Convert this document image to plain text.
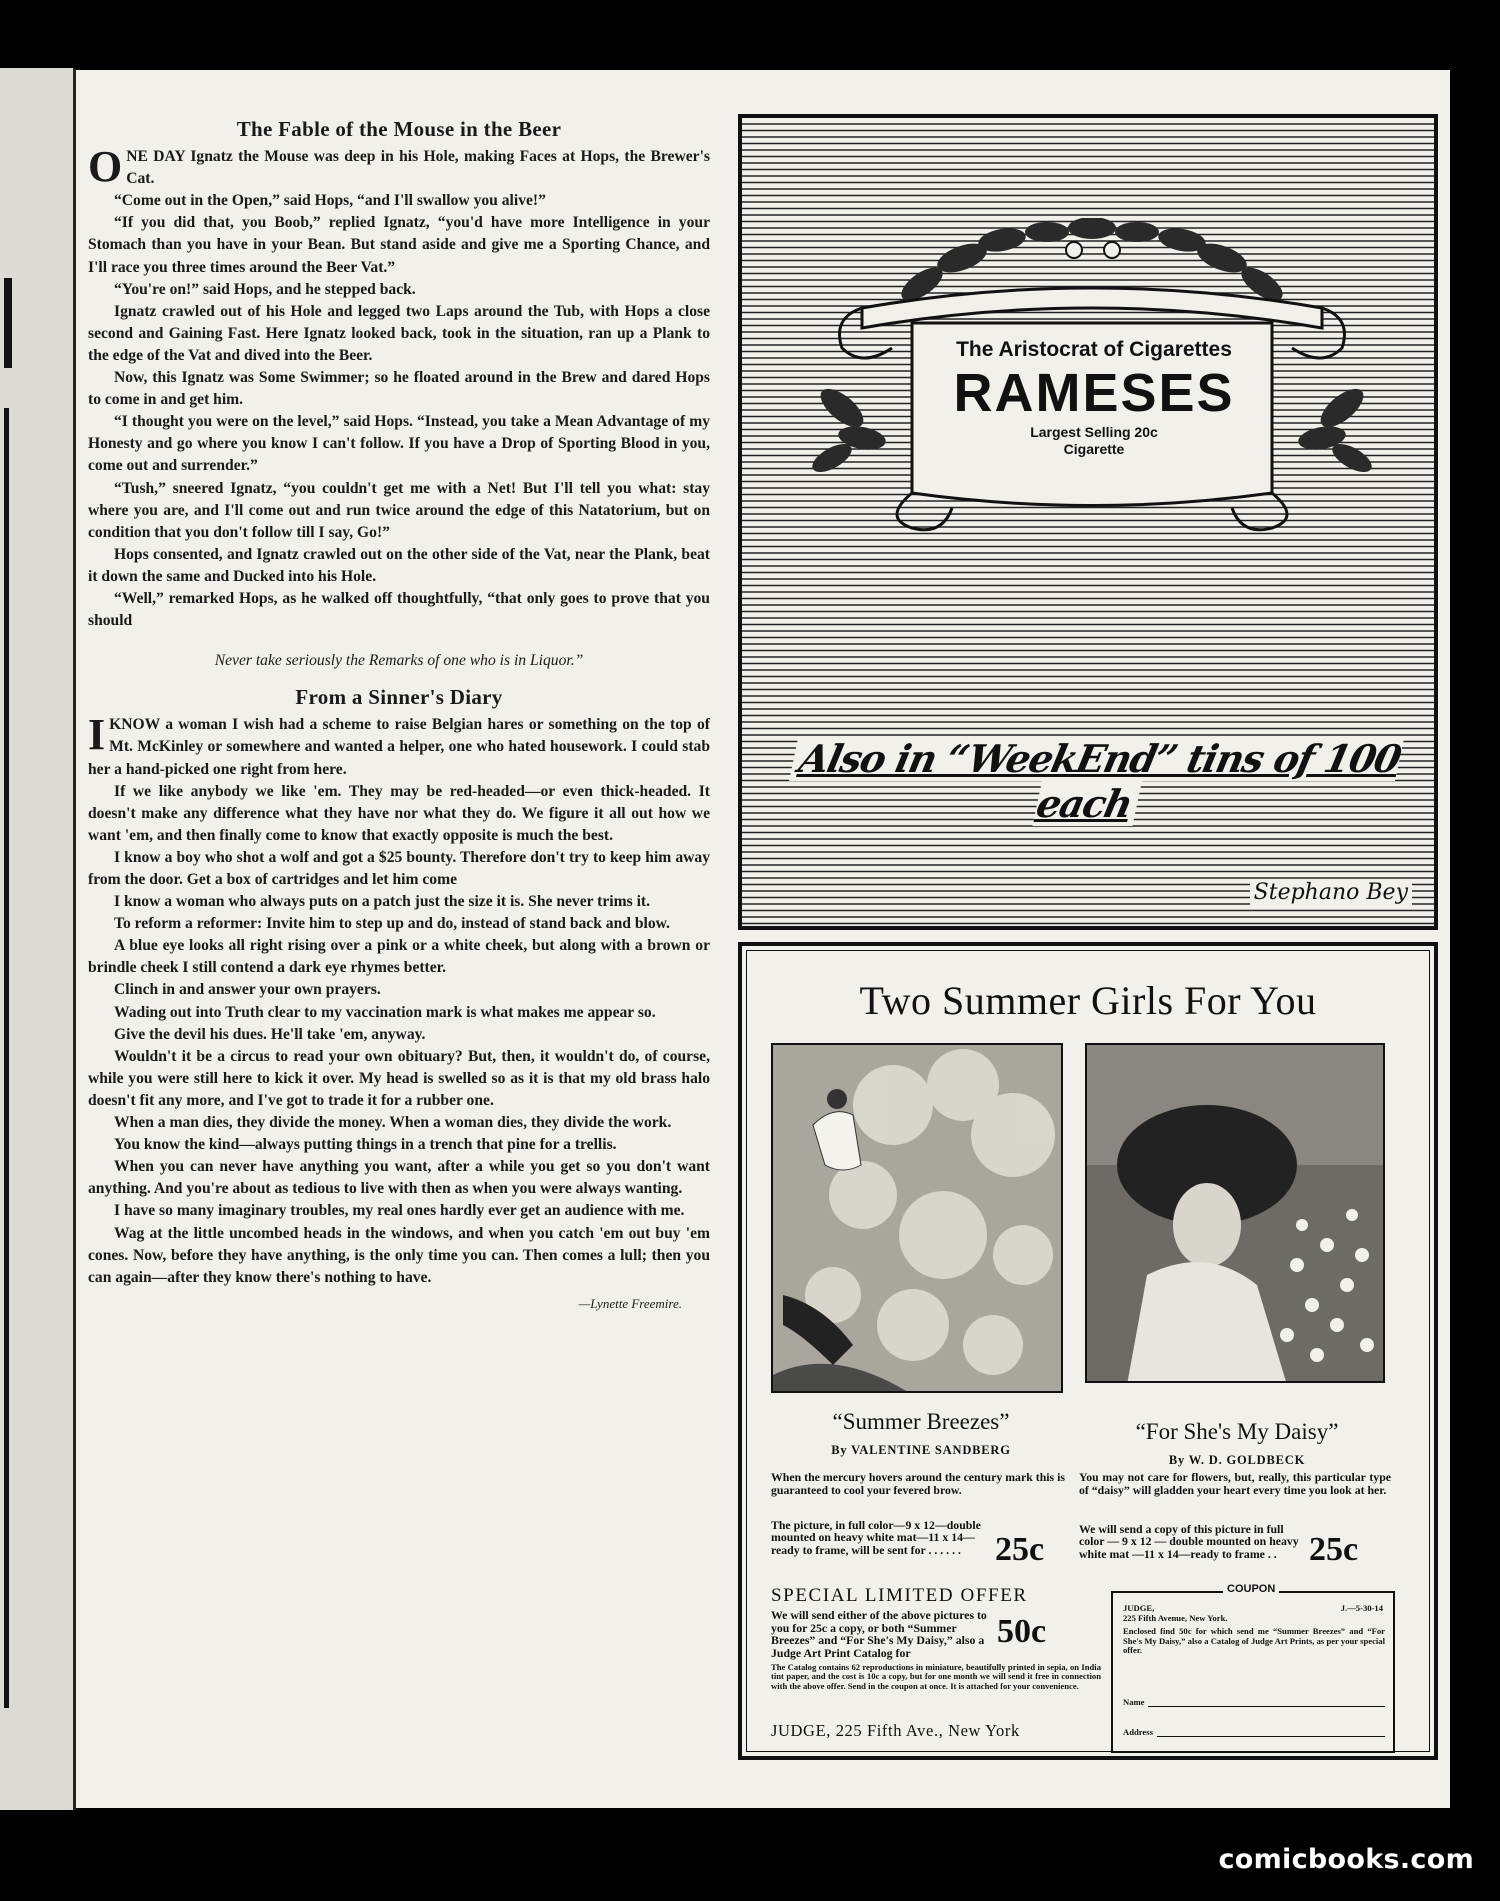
The Fable of the Mouse in the Beer

ONE DAY Ignatz the Mouse was deep in his Hole, making Faces at Hops, the Brewer's Cat.

“Come out in the Open,” said Hops, “and I'll swallow you alive!”

“If you did that, you Boob,” replied Ignatz, “you'd have more Intelligence in your Stomach than you have in your Bean. But stand aside and give me a Sporting Chance, and I'll race you three times around the Beer Vat.”

“You're on!” said Hops, and he stepped back.

Ignatz crawled out of his Hole and legged two Laps around the Tub, with Hops a close second and Gaining Fast. Here Ignatz looked back, took in the situation, ran up a Plank to the edge of the Vat and dived into the Beer.

Now, this Ignatz was Some Swimmer; so he floated around in the Brew and dared Hops to come in and get him.

“I thought you were on the level,” said Hops. “Instead, you take a Mean Advantage of my Honesty and go where you know I can't follow. If you have a Drop of Sporting Blood in you, come out and surrender.”

“Tush,” sneered Ignatz, “you couldn't get me with a Net! But I'll tell you what: stay where you are, and I'll come out and run twice around the edge of this Natatorium, but on condition that you don't follow till I say, Go!”

Hops consented, and Ignatz crawled out on the other side of the Vat, near the Plank, beat it down the same and Ducked into his Hole.

“Well,” remarked Hops, as he walked off thoughtfully, “that only goes to prove that you should

Never take seriously the Remarks of one who is in Liquor.”
From a Sinner's Diary

IKNOW a woman I wish had a scheme to raise Belgian hares or something on the top of Mt. McKinley or somewhere and wanted a helper, one who hated housework. I could stab her a hand-picked one right from here.

If we like anybody we like 'em. They may be red-headed—or even thick-headed. It doesn't make any difference what they have nor what they do. We figure it all out how we want 'em, and then finally come to know that exactly opposite is much the best.

I know a boy who shot a wolf and got a $25 bounty. Therefore don't try to keep him away from the door. Get a box of cartridges and let him come

I know a woman who always puts on a patch just the size it is. She never trims it.

To reform a reformer: Invite him to step up and do, instead of stand back and blow.

A blue eye looks all right rising over a pink or a white cheek, but along with a brown or brindle cheek I still contend a dark eye rhymes better.

Clinch in and answer your own prayers.

Wading out into Truth clear to my vaccination mark is what makes me appear so.

Give the devil his dues. He'll take 'em, anyway.

Wouldn't it be a circus to read your own obituary? But, then, it wouldn't do, of course, while you were still here to kick it over. My head is swelled so as it is that my old brass halo doesn't fit any more, and I've got to trade it for a rubber one.

When a man dies, they divide the money. When a woman dies, they divide the work.

You know the kind—always putting things in a trench that pine for a trellis.

When you can never have anything you want, after a while you get so you don't want anything. And you're about as tedious to live with then as when you were always wanting.

I have so many imaginary troubles, my real ones hardly ever get an audience with me.

Wag at the little uncombed heads in the windows, and when you catch 'em out buy 'em cones. Now, before they have anything, is the only time you can. Then comes a lull; then you can again—after they know there's nothing to have.

—Lynette Freemire.
The Aristocrat of Cigarettes
RAMESES
Largest Selling 20c
Cigarette
Also in “WeekEnd” tins of 100 each
Stephano Bey
Two Summer Girls For You
“Summer Breezes”	“For She's My Daisy”
By VALENTINE SANDBERG
By W. D. GOLDBECK
When the mercury hovers around the century mark this is guaranteed to cool your fevered brow.
You may not care for flowers, but, really, this particular type of “daisy” will gladden your heart every time you look at her.
The picture, in full color—9 x 12—double mounted on heavy white mat—11 x 14—ready to frame, will be sent for . . . . . .
We will send a copy of this picture in full color — 9 x 12 — double mounted on heavy white mat —11 x 14—ready to frame . .
25c	25c
SPECIAL LIMITED OFFER
We will send either of the above pictures to you for 25c a copy, or both “Summer Breezes” and “For She's My Daisy,” also a Judge Art Print Catalog for
50c
The Catalog contains 62 reproductions in miniature, beautifully printed in sepia, on India tint paper, and the cost is 10c a copy, but for one month we will send it free in connection with the above offer. Send in the coupon at once. It is attached for your convenience.
JUDGE, 225 Fifth Ave., New York
COUPON
JUDGE,	J.—5-30-14
225 Fifth Avenue, New York.
Enclosed find 50c for which send me “Summer Breezes” and “For She's My Daisy,” also a Catalog of Judge Art Prints, as per your special offer.
Name
Address
comicbooks.com
